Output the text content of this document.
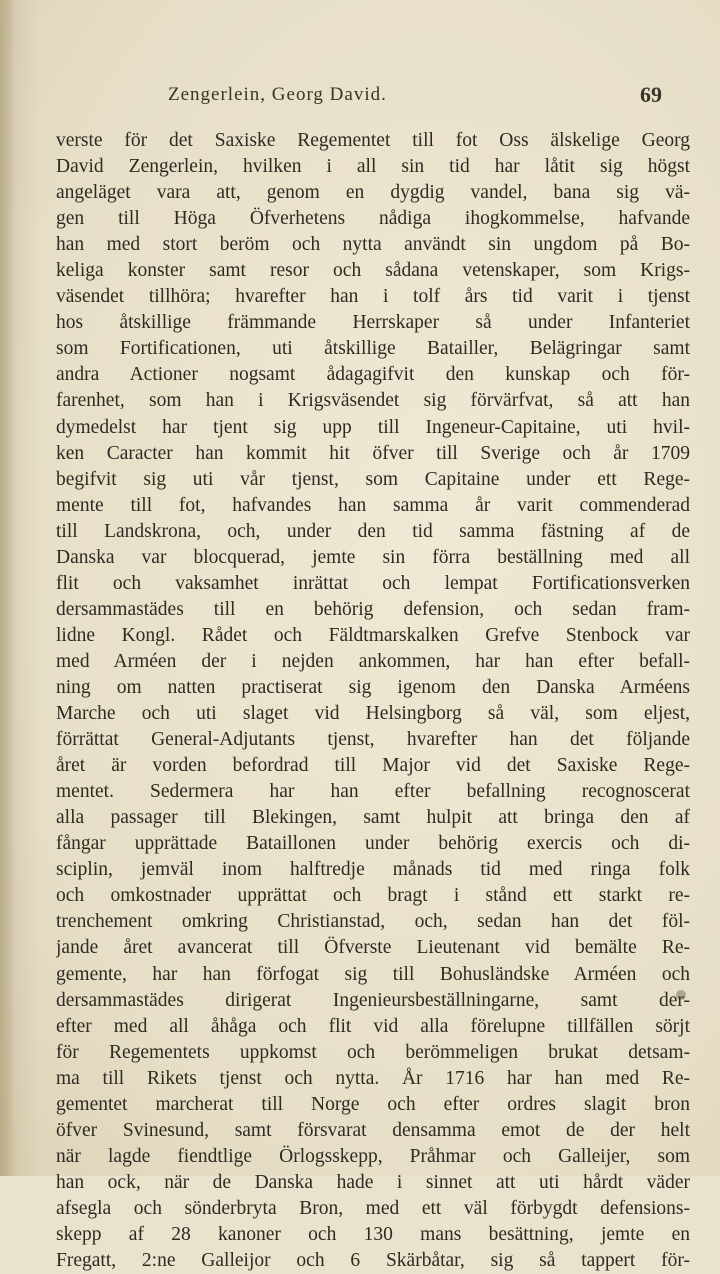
Zengerlein, Georg David.	69
verste för det Saxiske Regementet till fot Oss älskelige Georg
David Zengerlein, hvilken i all sin tid har låtit sig högst
angeläget vara att, genom en dygdig vandel, bana sig vä-
gen till Höga Öfverhetens nådiga ihogkommelse, hafvande
han med stort beröm och nytta användt sin ungdom på Bo-
keliga konster samt resor och sådana vetenskaper, som Krigs-
väsendet tillhöra; hvarefter han i tolf års tid varit i tjenst
hos åtskillige främmande Herrskaper så under Infanteriet
som Fortificationen, uti åtskillige Batailler, Belägringar samt
andra Actioner nogsamt ådagagifvit den kunskap och för-
farenhet, som han i Krigsväsendet sig förvärfvat, så att han
dymedelst har tjent sig upp till Ingeneur-Capitaine, uti hvil-
ken Caracter han kommit hit öfver till Sverige och år 1709
begifvit sig uti vår tjenst, som Capitaine under ett Rege-
mente till fot, hafvandes han samma år varit commenderad
till Landskrona, och, under den tid samma fästning af de
Danska var blocquerad, jemte sin förra beställning med all
flit och vaksamhet inrättat och lempat Fortificationsverken
dersammastädes till en behörig defension, och sedan fram-
lidne Kongl. Rådet och Fäldtmarskalken Grefve Stenbock var
med Arméen der i nejden ankommen, har han efter befall-
ning om natten practiserat sig igenom den Danska Arméens
Marche och uti slaget vid Helsingborg så väl, som eljest,
förrättat General-Adjutants tjenst, hvarefter han det följande
året är vorden befordrad till Major vid det Saxiske Rege-
mentet. Sedermera har han efter befallning recognoscerat
alla passager till Blekingen, samt hulpit att bringa den af
fångar upprättade Bataillonen under behörig exercis och di-
sciplin, jemväl inom halftredje månads tid med ringa folk
och omkostnader upprättat och bragt i stånd ett starkt re-
trenchement omkring Christianstad, och, sedan han det föl-
jande året avancerat till Öfverste Lieutenant vid bemälte Re-
gemente, har han förfogat sig till Bohusländske Arméen och
dersammastädes dirigerat Ingenieursbeställningarne, samt der-
efter med all åhåga och flit vid alla förelupne tillfällen sörjt
för Regementets uppkomst och berömmeligen brukat detsam-
ma till Rikets tjenst och nytta. År 1716 har han med Re-
gementet marcherat till Norge och efter ordres slagit bron
öfver Svinesund, samt försvarat densamma emot de der helt
när lagde fiendtlige Örlogsskepp, Pråhmar och Galleijer, som
han ock, när de Danska hade i sinnet att uti hårdt väder
afsegla och sönderbryta Bron, med ett väl förbygdt defensions-
skepp af 28 kanoner och 130 mans besättning, jemte en
Fregatt, 2:ne Galleijor och 6 Skärbåtar, sig så tappert för-
